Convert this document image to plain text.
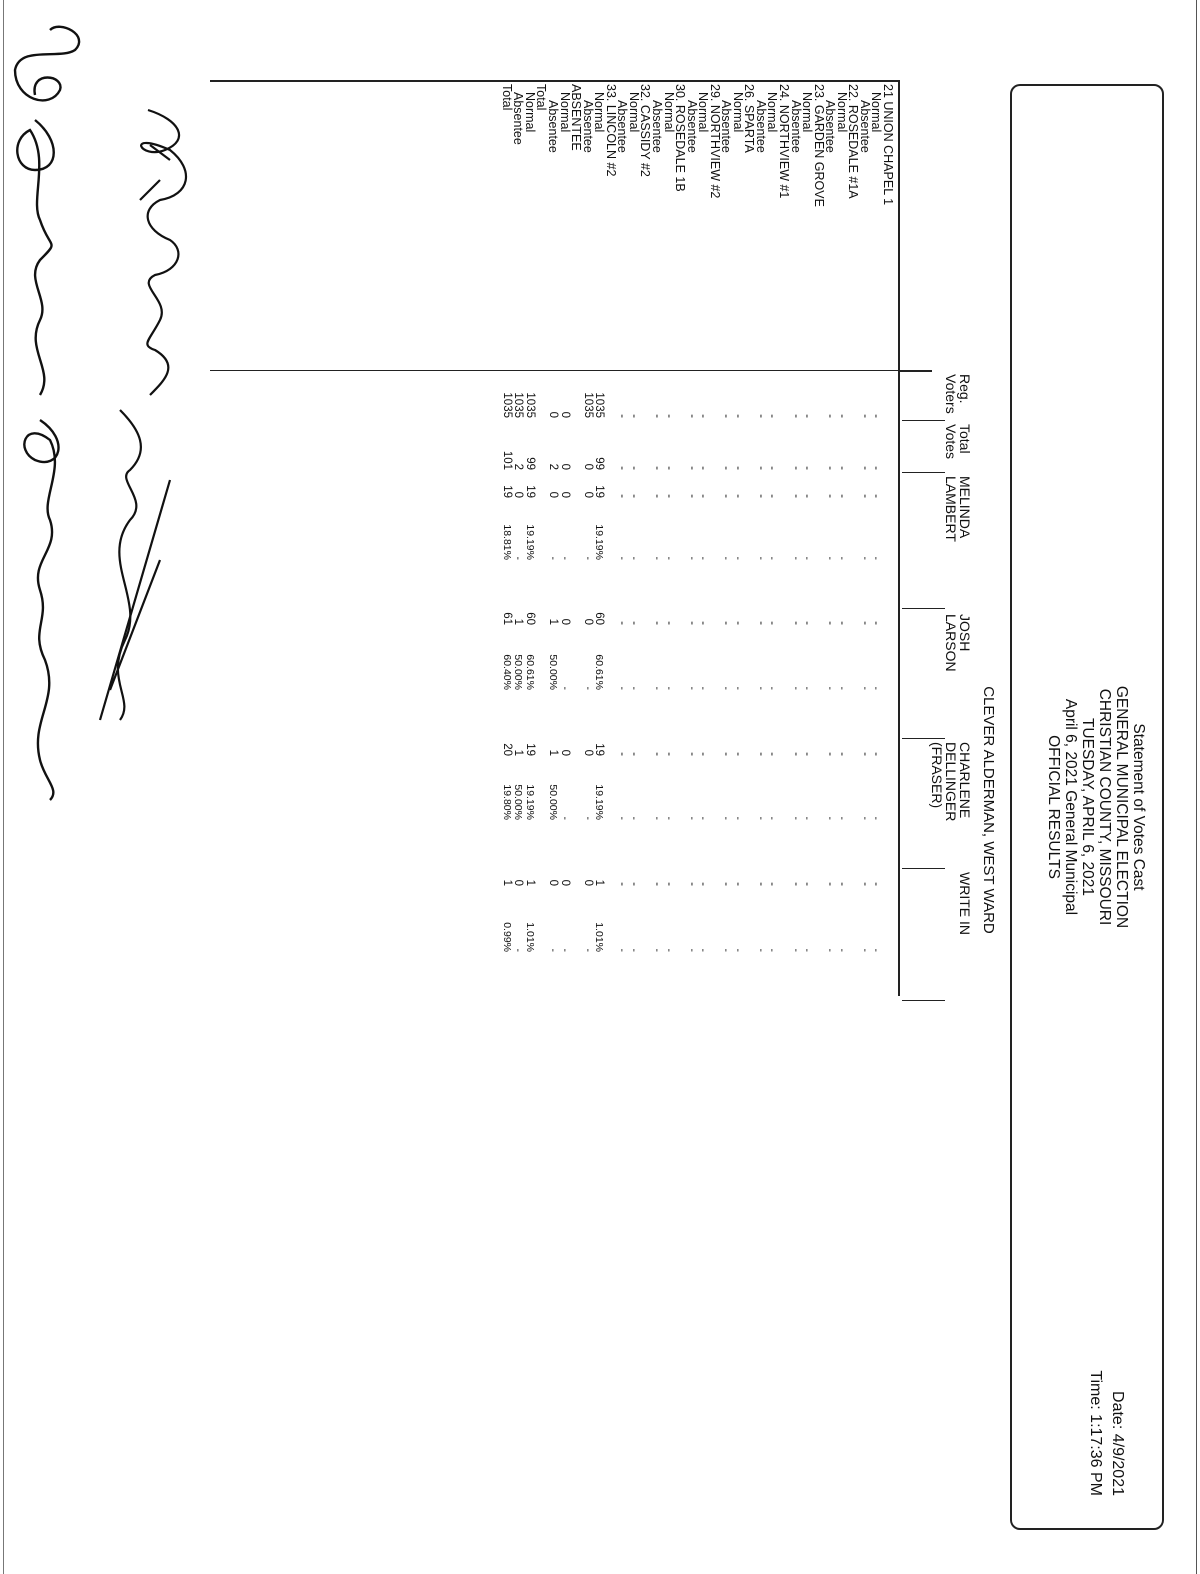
Statement of Votes Cast
GENERAL MUNICIPAL ELECTION
CHRISTIAN COUNTY, MISSOURI
TUESDAY, APRIL 6, 2021
April 6, 2021 General Municipal
OFFICIAL RESULTS
Date: 4/9/2021
Time: 1:17:36 PM
CLEVER ALDERMAN, WEST WARD
Reg.
Voters
Total
Votes
MELINDA
LAMBERT
JOSH
LARSON
CHARLENE
DELLINGER
(FRASER)
WRITE IN
21 UNION CHAPEL 1
Normal
-
-
-
-
-
-
-
-
-
-
Absentee
-
-
-
-
-
-
-
-
-
-
22. ROSEDALE #1A
Normal
-
-
-
-
-
-
-
-
-
-
Absentee
-
-
-
-
-
-
-
-
-
-
23. GARDEN GROVE
Normal
-
-
-
-
-
-
-
-
-
-
Absentee
-
-
-
-
-
-
-
-
-
-
24. NORTHVIEW #1
Normal
-
-
-
-
-
-
-
-
-
-
Absentee
-
-
-
-
-
-
-
-
-
-
26. SPARTA
Normal
-
-
-
-
-
-
-
-
-
-
Absentee
-
-
-
-
-
-
-
-
-
-
29. NORTHVIEW #2
Normal
-
-
-
-
-
-
-
-
-
-
Absentee
-
-
-
-
-
-
-
-
-
-
30. ROSEDALE 1B
Normal
-
-
-
-
-
-
-
-
-
-
Absentee
-
-
-
-
-
-
-
-
-
-
32. CASSIDY #2
Normal
-
-
-
-
-
-
-
-
-
-
Absentee
-
-
-
-
-
-
-
-
-
-
33. LINCOLN #2
Normal
1035
99
19
19.19%
60
60.61%
19
19.19%
1
1.01%
Absentee
1035
0
0
-
0
-
0
-
0
-
ABSENTEE
Normal
0
0
0
-
0
-
0
-
0
-
Absentee
0
2
0
-
1
50.00%
1
50.00%
0
-
Total
Normal
1035
99
19
19.19%
60
60.61%
19
19.19%
1
1.01%
Absentee
1035
2
0
-
1
50.00%
1
50.00%
0
-
Total
1035
101
19
18.81%
61
60.40%
20
19.80%
1
0.99%
